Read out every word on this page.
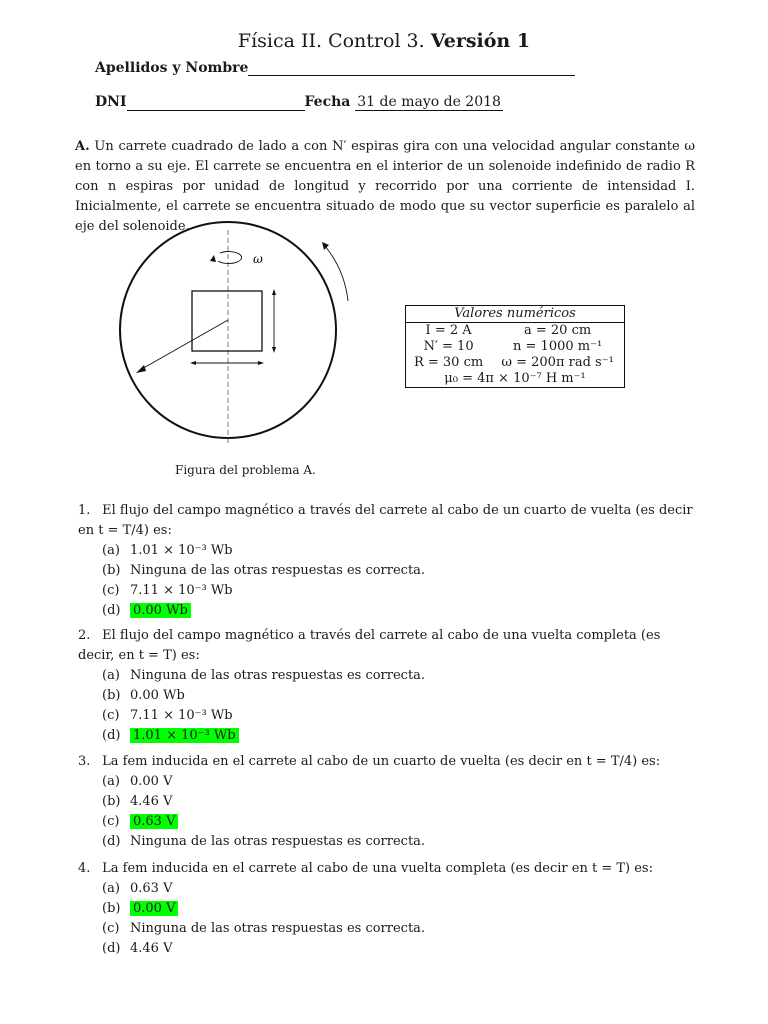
Física II. Control 3. Versión 1
Apellidos y Nombre
DNI	Fecha 31 de mayo de 2018
A. Un carrete cuadrado de lado a con N′ espiras gira con una velocidad angular constante ω en torno a su eje. El carrete se encuentra en el interior de un solenoide indefinido de radio R con n espiras por unidad de longitud y recorrido por una corriente de intensidad I. Inicialmente, el carrete se encuentra situado de modo que su vector superficie es paralelo al eje del solenoide.
ω
Figura del problema A.
Valores numéricos	
I = 2 A	a = 20 cm
N′ = 10	n = 1000 m⁻¹
R = 30 cm	ω = 200π rad s⁻¹
μ₀ = 4π × 10⁻⁷ H m⁻¹	
1. El flujo del campo magnético a través del carrete al cabo de un cuarto de vuelta (es decir en t = T/4) es:
(a) 1.01 × 10⁻³ Wb
(b) Ninguna de las otras respuestas es correcta.
(c) 7.11 × 10⁻³ Wb
(d) 0.00 Wb
2. El flujo del campo magnético a través del carrete al cabo de una vuelta completa (es decir, en t = T) es:
(a) Ninguna de las otras respuestas es correcta.
(b) 0.00 Wb
(c) 7.11 × 10⁻³ Wb
(d) 1.01 × 10⁻³ Wb
3. La fem inducida en el carrete al cabo de un cuarto de vuelta (es decir en t = T/4) es:
(a) 0.00 V
(b) 4.46 V
(c) 0.63 V
(d) Ninguna de las otras respuestas es correcta.
4. La fem inducida en el carrete al cabo de una vuelta completa (es decir en t = T) es:
(a) 0.63 V
(b) 0.00 V
(c) Ninguna de las otras respuestas es correcta.
(d) 4.46 V
